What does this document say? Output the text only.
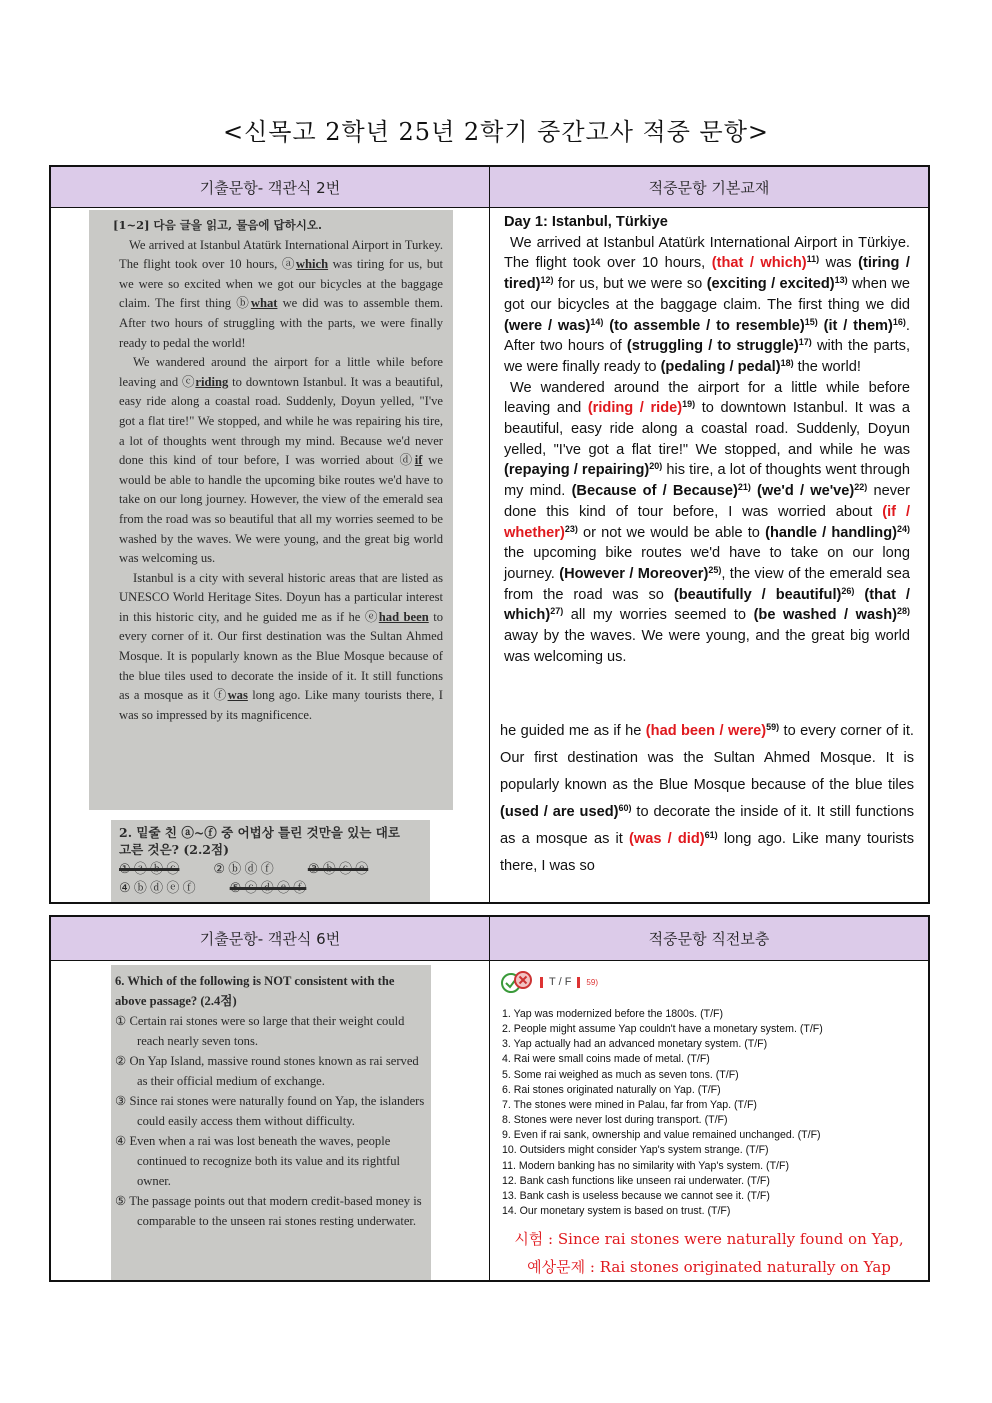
<신목고 2학년 25년 2학기 중간고사 적중 문항>
기출문항- 객관식 2번	적중문항 기본교재
[1~2] 다음 글을 읽고, 물음에 답하시오.

We arrived at Istanbul Atatürk International Airport in Turkey. The flight took over 10 hours, ⓐwhich was tiring for us, but we were so excited when we got our bicycles at the baggage claim. The first thing ⓑwhat we did was to assemble them. After two hours of struggling with the parts, we were finally ready to pedal the world!

We wandered around the airport for a little while before leaving and ⓒriding to downtown Istanbul. It was a beautiful, easy ride along a coastal road. Suddenly, Doyun yelled, "I've got a flat tire!" We stopped, and while he was repairing his tire, a lot of thoughts went through my mind. Because we'd never done this kind of tour before, I was worried about ⓓif we would be able to handle the upcoming bike routes we'd have to take on our long journey. However, the view of the emerald sea from the road was so beautiful that all my worries seemed to be washed by the waves. We were young, and the great big world was welcoming us.

Istanbul is a city with several historic areas that are listed as UNESCO World Heritage Sites. Doyun has a particular interest in this historic city, and he guided me as if he ⓔhad been to every corner of it. Our first destination was the Sultan Ahmed Mosque. It is popularly known as the Blue Mosque because of the blue tiles used to decorate the inside of it. It still functions as a mosque as it ⓕwas long ago. Like many tourists there, I was so impressed by its magnificence.

2. 밑줄 친 ⓐ~ⓕ 중 어법상 틀린 것만을 있는 대로
고른 것은? (2.2점)
① ⓐ ⓑ ⓒ	② ⓑ ⓓ ⓕ	③ ⓑ ⓒ ⓔ
④ ⓑ ⓓ ⓔ ⓕ	⑤ ⓒ ⓓ ⓔ ⓕ
Day 1: Istanbul, Türkiye

We arrived at Istanbul Atatürk International Airport in Türkiye. The flight took over 10 hours, (that / which)$^{11)}$ was (tiring / tired)$^{12)}$ for us, but we were so (exciting / excited)$^{13)}$ when we got our bicycles at the baggage claim. The first thing we did (were / was)$^{14)}$ (to assemble / to resemble)$^{15)}$ (it / them)$^{16)}$. After two hours of (struggling / to struggle)$^{17)}$ with the parts, we were finally ready to (pedaling / pedal)$^{18)}$ the world!

We wandered around the airport for a little while before leaving and (riding / ride)$^{19)}$ to downtown Istanbul. It was a beautiful, easy ride along a coastal road. Suddenly, Doyun yelled, "I've got a flat tire!" We stopped, and while he was (repaying / repairing)$^{20)}$ his tire, a lot of thoughts went through my mind. (Because of / Because)$^{21)}$ (we'd / we've)$^{22)}$ never done this kind of tour before, I was worried about (if / whether)$^{23)}$ or not we would be able to (handle / handling)$^{24)}$ the upcoming bike routes we'd have to take on our long journey. (However / Moreover)$^{25)}$, the view of the emerald sea from the road was so (beautifully / beautiful)$^{26)}$ (that / which)$^{27)}$ all my worries seemed to (be washed / wash)$^{28)}$ away by the waves. We were young, and the great big world was welcoming us.

he guided me as if he (had been / were)$^{59)}$ to every corner of it. Our first destination was the Sultan Ahmed Mosque. It is popularly known as the Blue Mosque because of the blue tiles (used / are used)$^{60)}$ to decorate the inside of it. It still functions as a mosque as it (was / did)$^{61)}$ long ago. Like many tourists there, I was so
기출문항- 객관식 6번	적중문항 직전보충
6. Which of the following is NOT consistent with the above passage? (2.4점)

① Certain rai stones were so large that their weight could reach nearly seven tons.

② On Yap Island, massive round stones known as rai served as their official medium of exchange.

③ Since rai stones were naturally found on Yap, the islanders could easily access them without difficulty.

④ Even when a rai was lost beneath the waves, people continued to recognize both its value and its rightful owner.

⑤ The passage points out that modern credit-based money is comparable to the unseen rai stones resting underwater.

T / F 59)
1. Yap was modernized before the 1800s. (T/F)
2. People might assume Yap couldn't have a monetary system. (T/F)
3. Yap actually had an advanced monetary system. (T/F)
4. Rai were small coins made of metal. (T/F)
5. Some rai weighed as much as seven tons. (T/F)
6. Rai stones originated naturally on Yap. (T/F)
7. The stones were mined in Palau, far from Yap. (T/F)
8. Stones were never lost during transport. (T/F)
9. Even if rai sank, ownership and value remained unchanged. (T/F)
10. Outsiders might consider Yap's system strange. (T/F)
11. Modern banking has no similarity with Yap's system. (T/F)
12. Bank cash functions like unseen rai underwater. (T/F)
13. Bank cash is useless because we cannot see it. (T/F)
14. Our monetary system is based on trust. (T/F)
시험 : Since rai stones were naturally found on Yap,
예상문제 : Rai stones originated naturally on Yap
